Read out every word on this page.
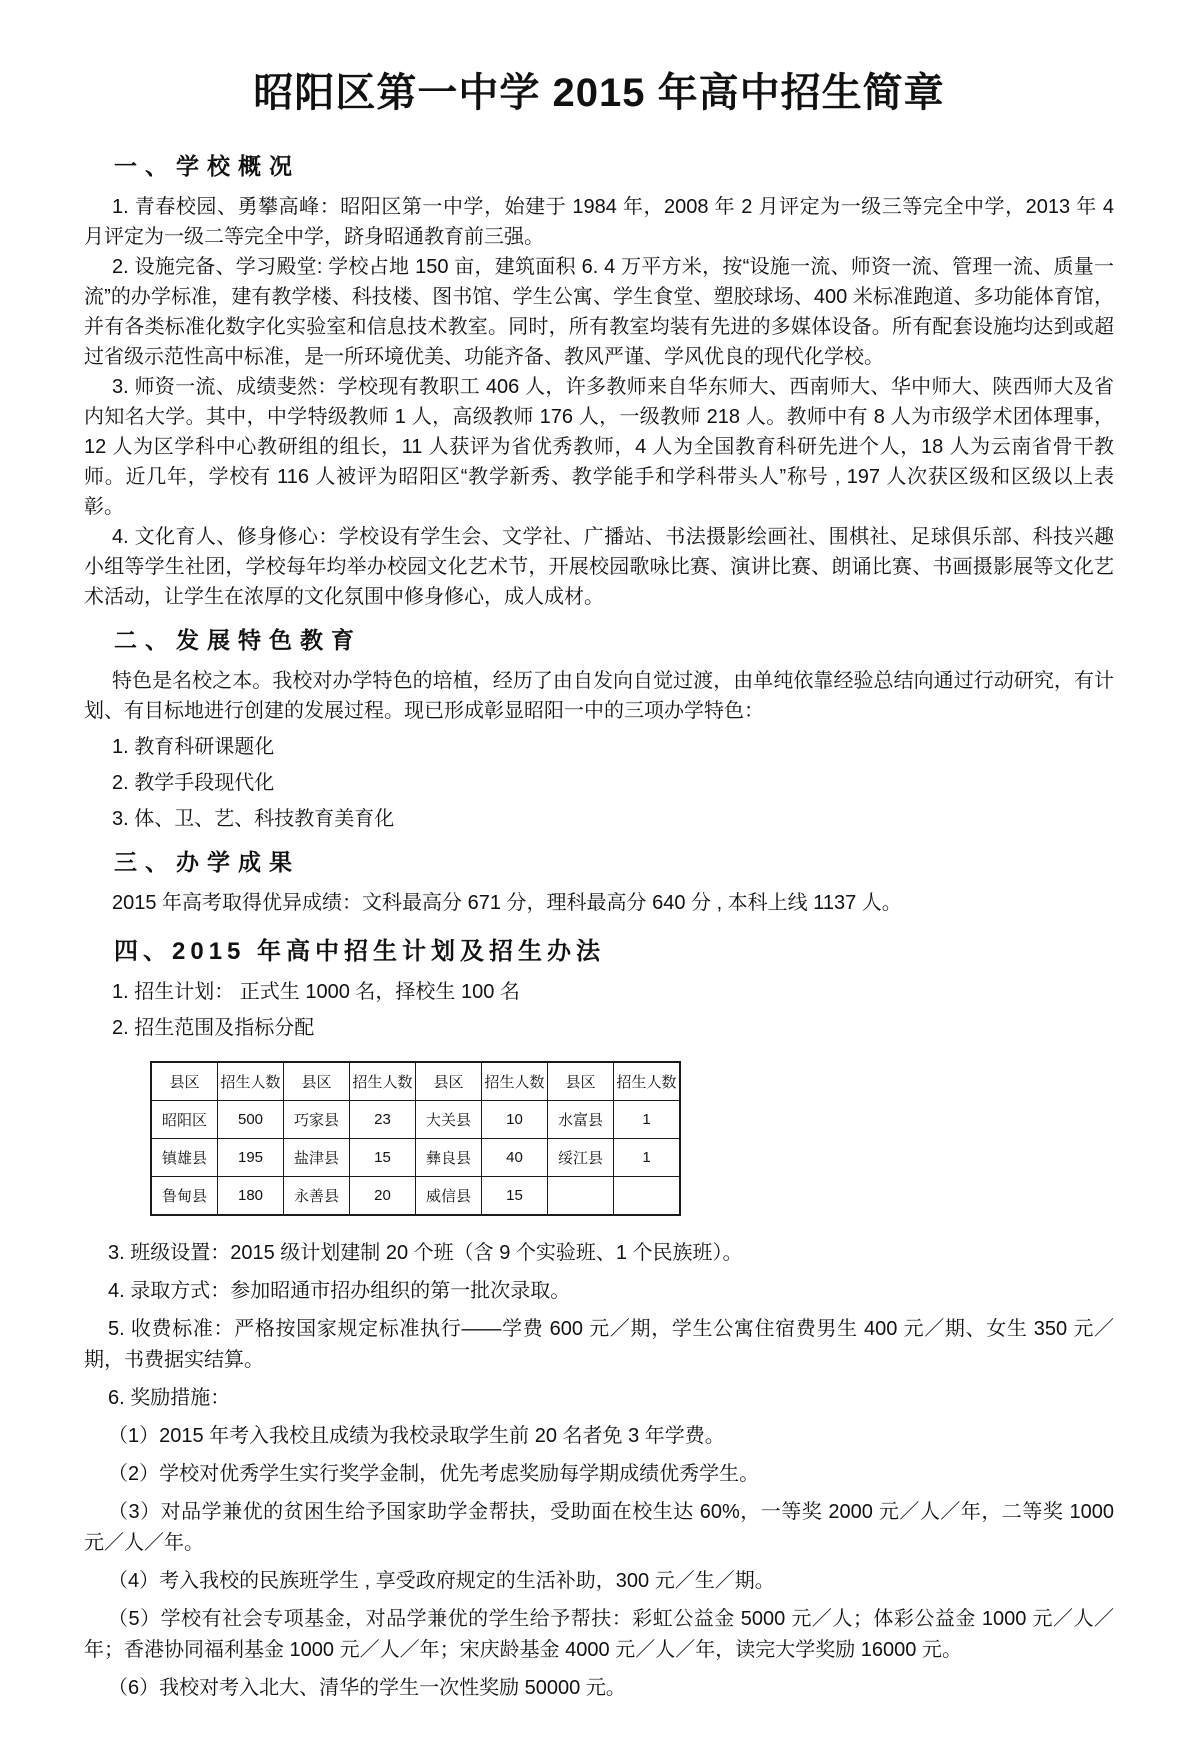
昭阳区第一中学 2015 年高中招生简章
一、学校概况

1. 青春校园、勇攀高峰：昭阳区第一中学，始建于 1984 年，2008 年 2 月评定为一级三等完全中学，2013 年 4 月评定为一级二等完全中学，跻身昭通教育前三强。

2. 设施完备、学习殿堂: 学校占地 150 亩，建筑面积 6. 4 万平方米，按“设施一流、师资一流、管理一流、质量一流”的办学标准，建有教学楼、科技楼、图书馆、学生公寓、学生食堂、塑胶球场、400 米标准跑道、多功能体育馆，并有各类标准化数字化实验室和信息技术教室。同时，所有教室均装有先进的多媒体设备。所有配套设施均达到或超过省级示范性高中标准，是一所环境优美、功能齐备、教风严谨、学风优良的现代化学校。

3. 师资一流、成绩斐然：学校现有教职工 406 人，许多教师来自华东师大、西南师大、华中师大、陕西师大及省内知名大学。其中，中学特级教师 1 人，高级教师 176 人，一级教师 218 人。教师中有 8 人为市级学术团体理事，12 人为区学科中心教研组的组长，11 人获评为省优秀教师，4 人为全国教育科研先进个人，18 人为云南省骨干教师。近几年，学校有 116 人被评为昭阳区“教学新秀、教学能手和学科带头人”称号 , 197 人次获区级和区级以上表彰。

4. 文化育人、修身修心：学校设有学生会、文学社、广播站、书法摄影绘画社、围棋社、足球俱乐部、科技兴趣小组等学生社团，学校每年均举办校园文化艺术节，开展校园歌咏比赛、演讲比赛、朗诵比赛、书画摄影展等文化艺术活动，让学生在浓厚的文化氛围中修身修心，成人成材。

二、发展特色教育

特色是名校之本。我校对办学特色的培植，经历了由自发向自觉过渡，由单纯依靠经验总结向通过行动研究，有计划、有目标地进行创建的发展过程。现已形成彰显昭阳一中的三项办学特色：

1. 教育科研课题化

2. 教学手段现代化

3. 体、卫、艺、科技教育美育化

三、办学成果

2015 年高考取得优异成绩：文科最高分 671 分，理科最高分 640 分 , 本科上线 1137 人。

四、2015 年高中招生计划及招生办法

1. 招生计划： 正式生 1000 名，择校生 100 名

2. 招生范围及指标分配

县区	招生人数	县区	招生人数	县区	招生人数	县区	招生人数
昭阳区	500	巧家县	23	大关县	10	水富县	1
镇雄县	195	盐津县	15	彝良县	40	绥江县	1
鲁甸县	180	永善县	20	威信县	15		

3. 班级设置：2015 级计划建制 20 个班（含 9 个实验班、1 个民族班）。

4. 录取方式：参加昭通市招办组织的第一批次录取。

5. 收费标准：严格按国家规定标准执行——学费 600 元／期，学生公寓住宿费男生 400 元／期、女生 350 元／期，书费据实结算。

6. 奖励措施：

（1）2015 年考入我校且成绩为我校录取学生前 20 名者免 3 年学费。

（2）学校对优秀学生实行奖学金制，优先考虑奖励每学期成绩优秀学生。

（3）对品学兼优的贫困生给予国家助学金帮扶，受助面在校生达 60%，一等奖 2000 元／人／年，二等奖 1000 元／人／年。

（4）考入我校的民族班学生 , 享受政府规定的生活补助，300 元／生／期。

（5）学校有社会专项基金，对品学兼优的学生给予帮扶：彩虹公益金 5000 元／人；体彩公益金 1000 元／人／年；香港协同福利基金 1000 元／人／年；宋庆龄基金 4000 元／人／年，读完大学奖励 16000 元。

（6）我校对考入北大、清华的学生一次性奖励 50000 元。
